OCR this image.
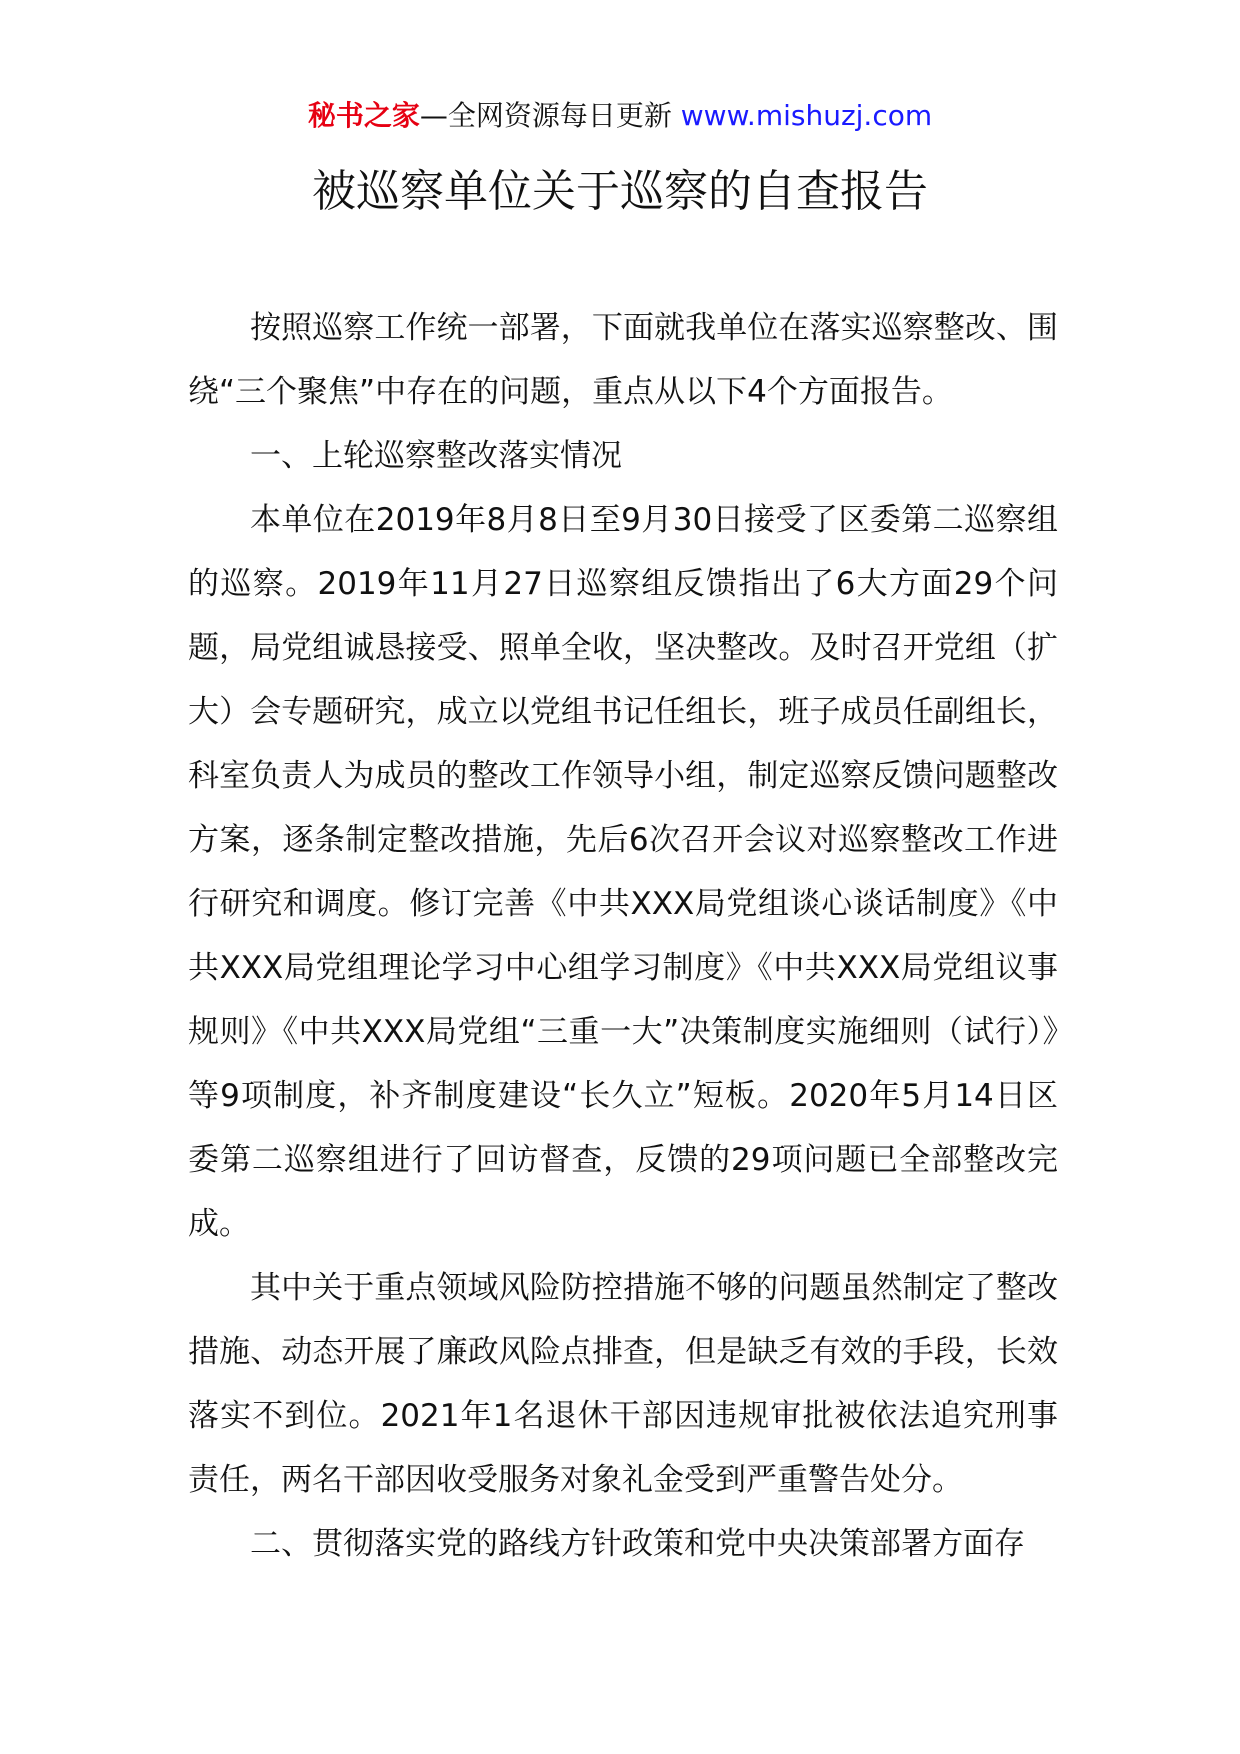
秘书之家—全网资源每日更新 www.mishuzj.com
被巡察单位关于巡察的自查报告

按照巡察工作统一部署，下面就我单位在落实巡察整改、围绕“三个聚焦”中存在的问题，重点从以下4个方面报告。

一、上轮巡察整改落实情况

本单位在2019年8月8日至9月30日接受了区委第二巡察组的巡察。2019年11月27日巡察组反馈指出了6大方面29个问题，局党组诚恳接受、照单全收，坚决整改。及时召开党组（扩大）会专题研究，成立以党组书记任组长，班子成员任副组长，科室负责人为成员的整改工作领导小组，制定巡察反馈问题整改方案，逐条制定整改措施，先后6次召开会议对巡察整改工作进行研究和调度。修订完善《中共XXX局党组谈心谈话制度》《中共XXX局党组理论学习中心组学习制度》《中共XXX局党组议事规则》《中共XXX局党组“三重一大”决策制度实施细则（试行）》等9项制度，补齐制度建设“长久立”短板。2020年5月14日区委第二巡察组进行了回访督查，反馈的29项问题已全部整改完成。

其中关于重点领域风险防控措施不够的问题虽然制定了整改措施、动态开展了廉政风险点排查，但是缺乏有效的手段，长效落实不到位。2021年1名退休干部因违规审批被依法追究刑事责任，两名干部因收受服务对象礼金受到严重警告处分。

二、贯彻落实党的路线方针政策和党中央决策部署方面存
